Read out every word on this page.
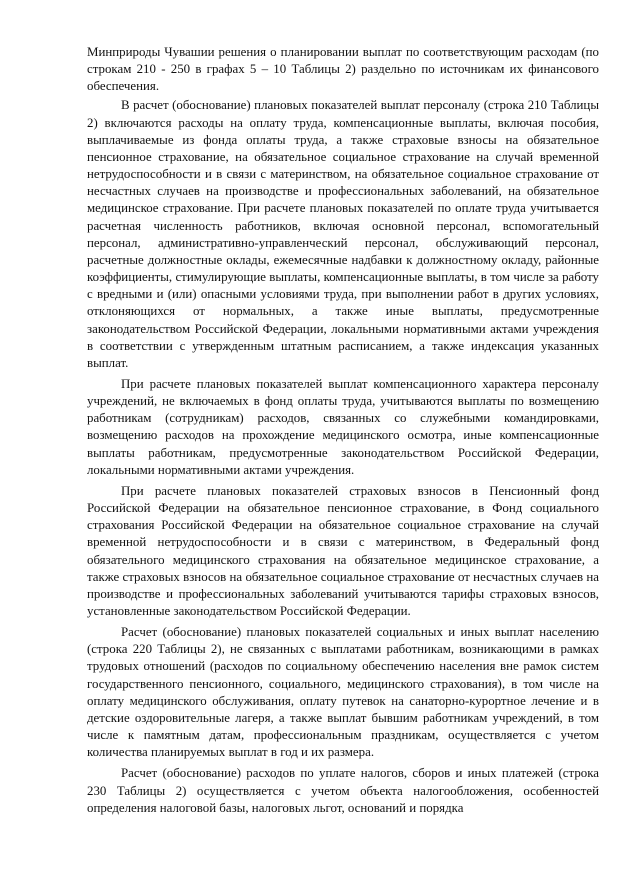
Минприроды Чувашии решения о планировании выплат по соответствующим расходам (по строкам 210 - 250 в графах 5 – 10 Таблицы 2) раздельно по источникам их финансового обеспечения.

В расчет (обоснование) плановых показателей выплат персоналу (строка 210 Таблицы 2) включаются расходы на оплату труда, компенсационные выплаты, включая пособия, выплачиваемые из фонда оплаты труда, а также страховые взносы на обязательное пенсионное страхование, на обязательное социальное страхование на случай временной нетрудоспособности и в связи с материнством, на обязательное социальное страхование от несчастных случаев на производстве и профессиональных заболеваний, на обязательное медицинское страхование. При расчете плановых показателей по оплате труда учитывается расчетная численность работников, включая основной персонал, вспомогательный персонал, административно-управленческий персонал, обслуживающий персонал, расчетные должностные оклады, ежемесячные надбавки к должностному окладу, районные коэффициенты, стимулирующие выплаты, компенсационные выплаты, в том числе за работу с вредными и (или) опасными условиями труда, при выполнении работ в других условиях, отклоняющихся от нормальных, а также иные выплаты, предусмотренные законодательством Российской Федерации, локальными нормативными актами учреждения в соответствии с утвержденным штатным расписанием, а также индексация указанных выплат.

При расчете плановых показателей выплат компенсационного характера персоналу учреждений, не включаемых в фонд оплаты труда, учитываются выплаты по возмещению работникам (сотрудникам) расходов, связанных со служебными командировками, возмещению расходов на прохождение медицинского осмотра, иные компенсационные выплаты работникам, предусмотренные законодательством Российской Федерации, локальными нормативными актами учреждения.

При расчете плановых показателей страховых взносов в Пенсионный фонд Российской Федерации на обязательное пенсионное страхование, в Фонд социального страхования Российской Федерации на обязательное социальное страхование на случай временной нетрудоспособности и в связи с материнством, в Федеральный фонд обязательного медицинского страхования на обязательное медицинское страхование, а также страховых взносов на обязательное социальное страхование от несчастных случаев на производстве и профессиональных заболеваний учитываются тарифы страховых взносов, установленные законодательством Российской Федерации.

Расчет (обоснование) плановых показателей социальных и иных выплат населению (строка 220 Таблицы 2), не связанных с выплатами работникам, возникающими в рамках трудовых отношений (расходов по социальному обеспечению населения вне рамок систем государственного пенсионного, социального, медицинского страхования), в том числе на оплату медицинского обслуживания, оплату путевок на санаторно-курортное лечение и в детские оздоровительные лагеря, а также выплат бывшим работникам учреждений, в том числе к памятным датам, профессиональным праздникам, осуществляется с учетом количества планируемых выплат в год и их размера.

Расчет (обоснование) расходов по уплате налогов, сборов и иных платежей (строка 230 Таблицы 2) осуществляется с учетом объекта налогообложения, особенностей определения налоговой базы, налоговых льгот, оснований и порядка
